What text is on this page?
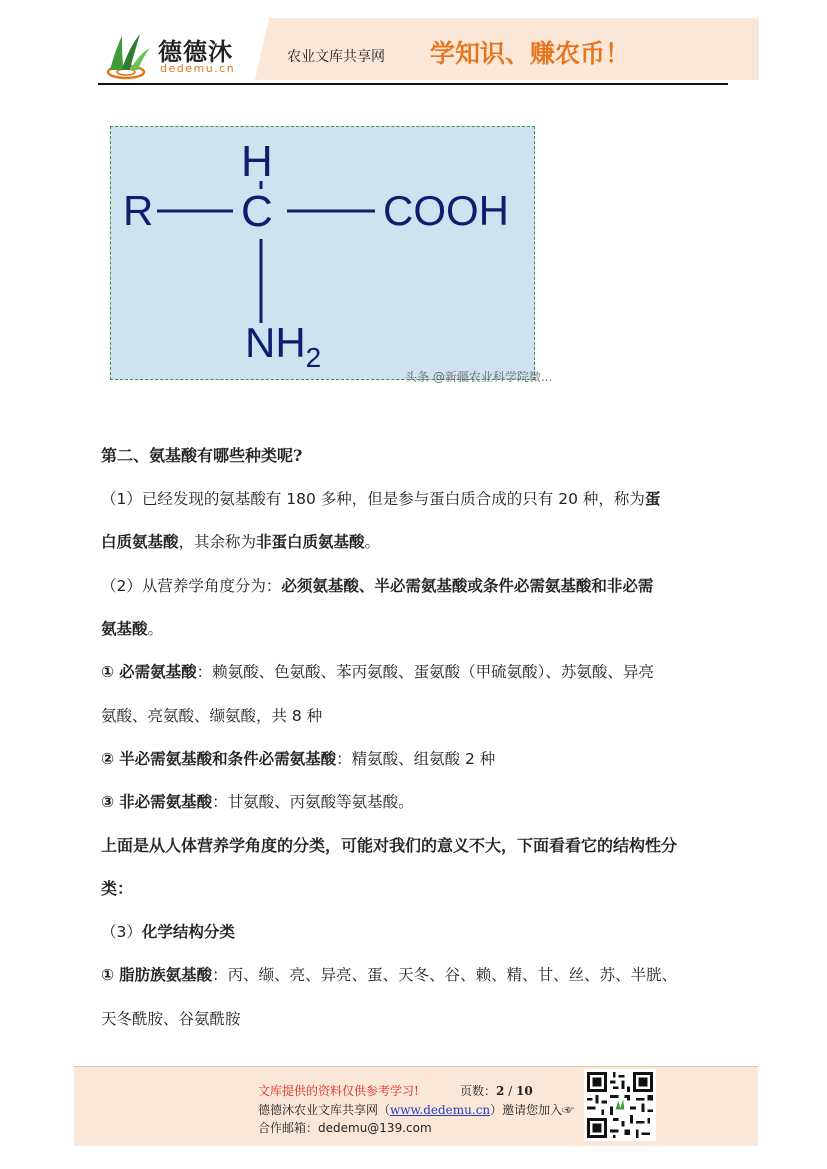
德德沐
dedemu.cn
农业文库共享网 学知识、赚农币！
H
R C	COOH
$NH_2$
头条 @新疆农业科学院微...
第二、氨基酸有哪些种类呢?
（1）已经发现的氨基酸有 180 多种，但是参与蛋白质合成的只有 20 种，称为蛋
白质氨基酸，其余称为非蛋白质氨基酸。
（2）从营养学角度分为：必须氨基酸、半必需氨基酸或条件必需氨基酸和非必需
氨基酸。
① 必需氨基酸：赖氨酸、色氨酸、苯丙氨酸、蛋氨酸（甲硫氨酸）、苏氨酸、异亮
氨酸、亮氨酸、缬氨酸，共 8 种
② 半必需氨基酸和条件必需氨基酸：精氨酸、组氨酸 2 种
③ 非必需氨基酸：甘氨酸、丙氨酸等氨基酸。
上面是从人体营养学角度的分类，可能对我们的意义不大，下面看看它的结构性分
类：
（3）化学结构分类
① 脂肪族氨基酸：丙、缬、亮、异亮、蛋、天冬、谷、赖、精、甘、丝、苏、半胱、
天冬酰胺、谷氨酰胺
文库提供的资料仅供参考学习!	页数：2 / 10
德德沐农业文库共享网（www.dedemu.cn）邀请您加入☞
合作邮箱：dedemu@139.com
